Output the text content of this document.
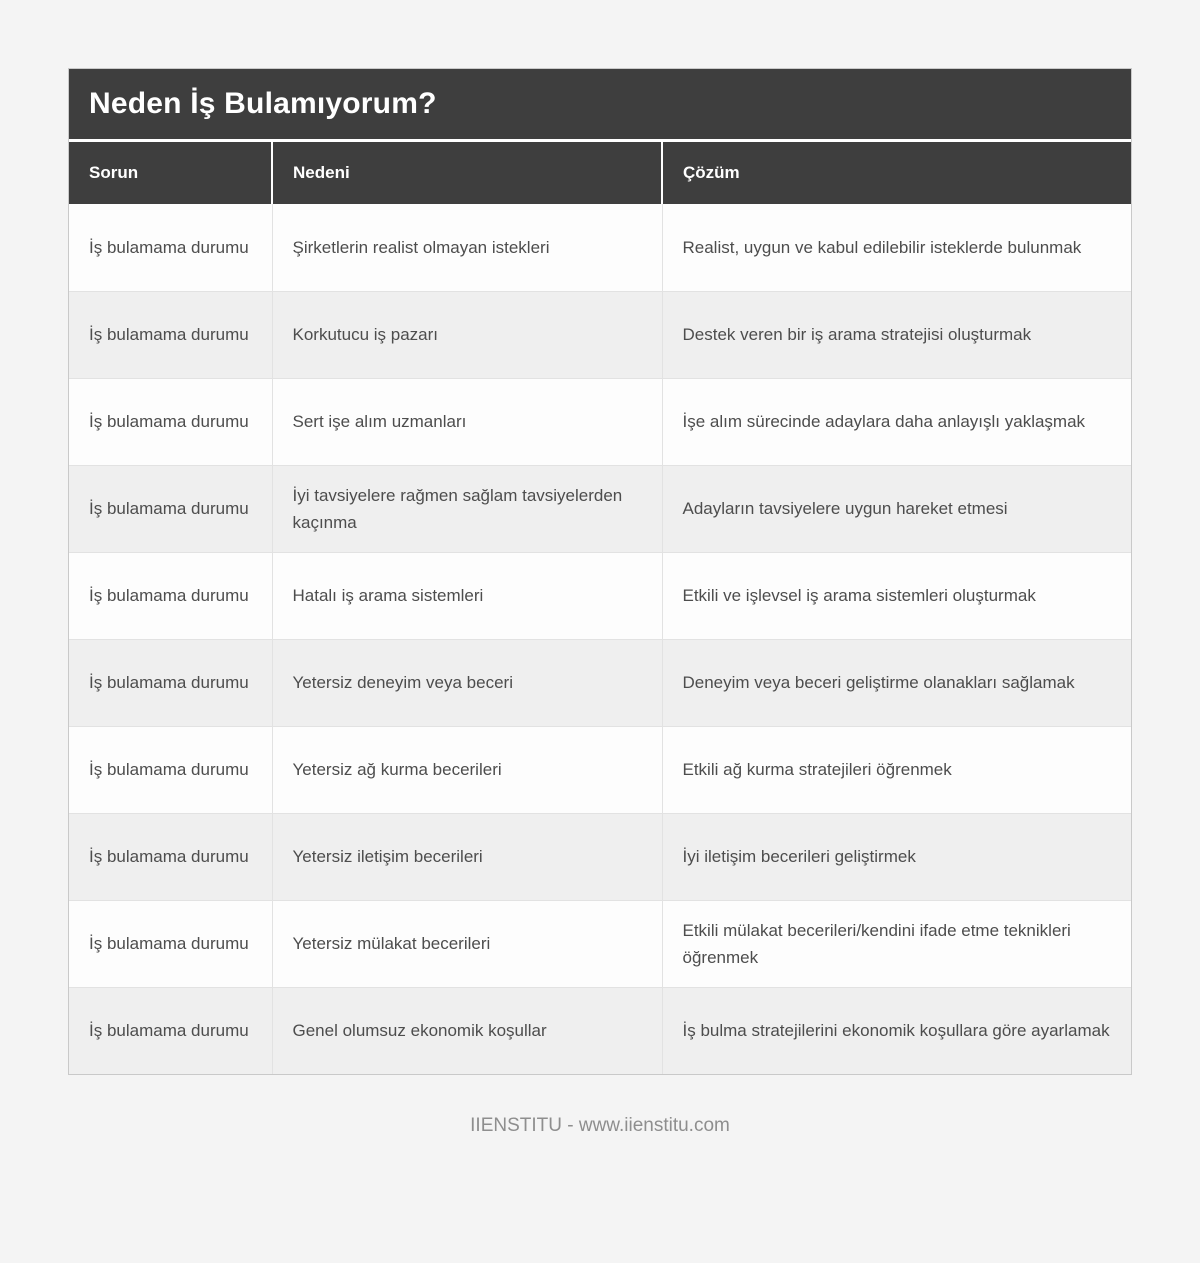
Neden İş Bulamıyorum?
Sorun	Nedeni	Çözüm
İş bulamama durumu	Şirketlerin realist olmayan istekleri	Realist, uygun ve kabul edilebilir isteklerde bulunmak
İş bulamama durumu	Korkutucu iş pazarı	Destek veren bir iş arama stratejisi oluşturmak
İş bulamama durumu	Sert işe alım uzmanları	İşe alım sürecinde adaylara daha anlayışlı yaklaşmak
İş bulamama durumu	İyi tavsiyelere rağmen sağlam tavsiyelerden kaçınma	Adayların tavsiyelere uygun hareket etmesi
İş bulamama durumu	Hatalı iş arama sistemleri	Etkili ve işlevsel iş arama sistemleri oluşturmak
İş bulamama durumu	Yetersiz deneyim veya beceri	Deneyim veya beceri geliştirme olanakları sağlamak
İş bulamama durumu	Yetersiz ağ kurma becerileri	Etkili ağ kurma stratejileri öğrenmek
İş bulamama durumu	Yetersiz iletişim becerileri	İyi iletişim becerileri geliştirmek
İş bulamama durumu	Yetersiz mülakat becerileri	Etkili mülakat becerileri/kendini ifade etme teknikleri öğrenmek
İş bulamama durumu	Genel olumsuz ekonomik koşullar	İş bulma stratejilerini ekonomik koşullara göre ayarlamak
IIENSTITU - www.iienstitu.com
